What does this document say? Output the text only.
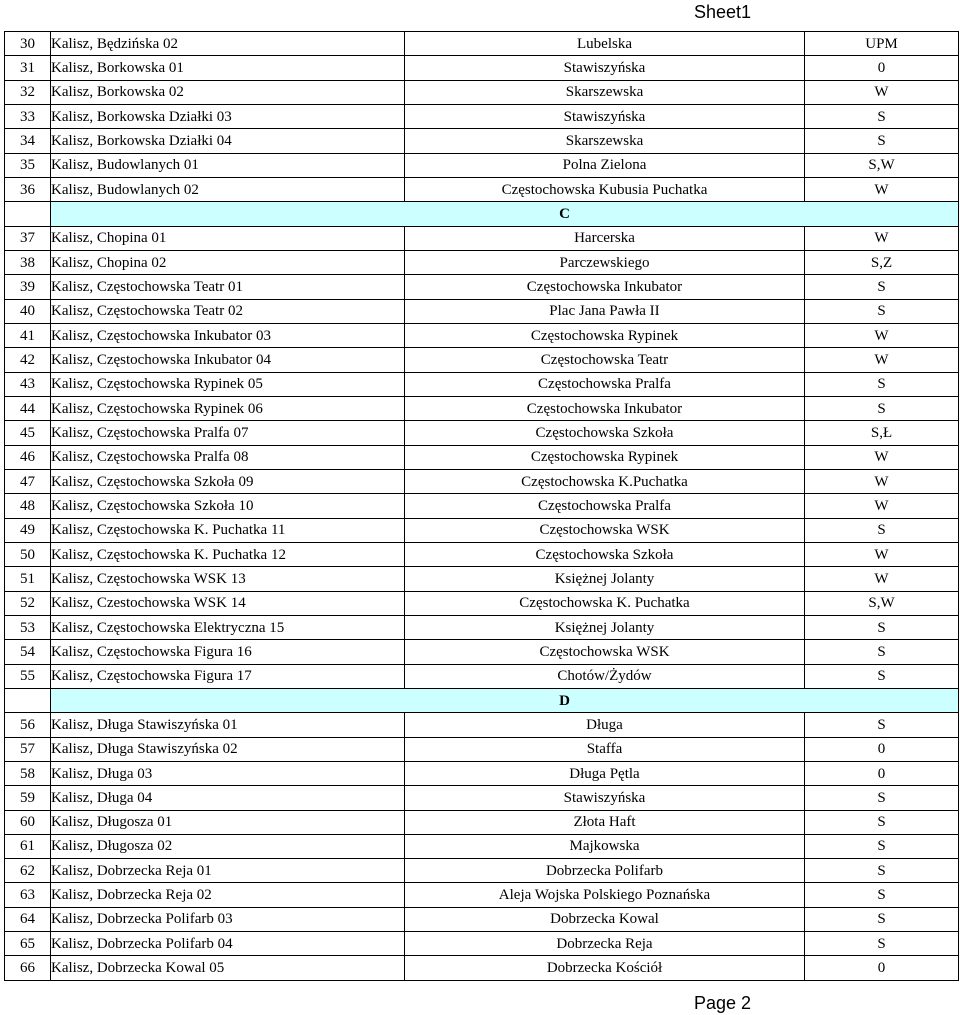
Sheet1
30	Kalisz, Będzińska 02	Lubelska	UPM
31	Kalisz, Borkowska 01	Stawiszyńska	0
32	Kalisz, Borkowska 02	Skarszewska	W
33	Kalisz, Borkowska Działki 03	Stawiszyńska	S
34	Kalisz, Borkowska Działki 04	Skarszewska	S
35	Kalisz, Budowlanych 01	Polna Zielona	S,W
36	Kalisz, Budowlanych 02	Częstochowska Kubusia Puchatka	W
	C		
37	Kalisz, Chopina 01	Harcerska	W
38	Kalisz, Chopina 02	Parczewskiego	S,Z
39	Kalisz, Częstochowska Teatr 01	Częstochowska Inkubator	S
40	Kalisz, Częstochowska Teatr 02	Plac Jana Pawła II	S
41	Kalisz, Częstochowska Inkubator 03	Częstochowska Rypinek	W
42	Kalisz, Częstochowska Inkubator 04	Częstochowska Teatr	W
43	Kalisz, Częstochowska Rypinek 05	Częstochowska Pralfa	S
44	Kalisz, Częstochowska Rypinek 06	Częstochowska Inkubator	S
45	Kalisz, Częstochowska Pralfa 07	Częstochowska Szkoła	S,Ł
46	Kalisz, Częstochowska Pralfa 08	Częstochowska Rypinek	W
47	Kalisz, Częstochowska Szkoła 09	Częstochowska K.Puchatka	W
48	Kalisz, Częstochowska Szkoła 10	Częstochowska Pralfa	W
49	Kalisz, Częstochowska K. Puchatka 11	Częstochowska WSK	S
50	Kalisz, Częstochowska K. Puchatka 12	Częstochowska Szkoła	W
51	Kalisz, Częstochowska WSK 13	Księżnej Jolanty	W
52	Kalisz, Czestochowska WSK 14	Częstochowska K. Puchatka	S,W
53	Kalisz, Częstochowska Elektryczna 15	Księżnej Jolanty	S
54	Kalisz, Częstochowska Figura 16	Częstochowska WSK	S
55	Kalisz, Częstochowska Figura 17	Chotów/Żydów	S
	D		
56	Kalisz, Długa Stawiszyńska 01	Długa	S
57	Kalisz, Długa Stawiszyńska 02	Staffa	0
58	Kalisz, Długa 03	Długa Pętla	0
59	Kalisz, Długa 04	Stawiszyńska	S
60	Kalisz, Długosza 01	Złota Haft	S
61	Kalisz, Długosza 02	Majkowska	S
62	Kalisz, Dobrzecka Reja 01	Dobrzecka Polifarb	S
63	Kalisz, Dobrzecka Reja 02	Aleja Wojska Polskiego Poznańska	S
64	Kalisz, Dobrzecka Polifarb 03	Dobrzecka Kowal	S
65	Kalisz, Dobrzecka Polifarb 04	Dobrzecka Reja	S
66	Kalisz, Dobrzecka Kowal 05	Dobrzecka Kościół	0
Page 2
